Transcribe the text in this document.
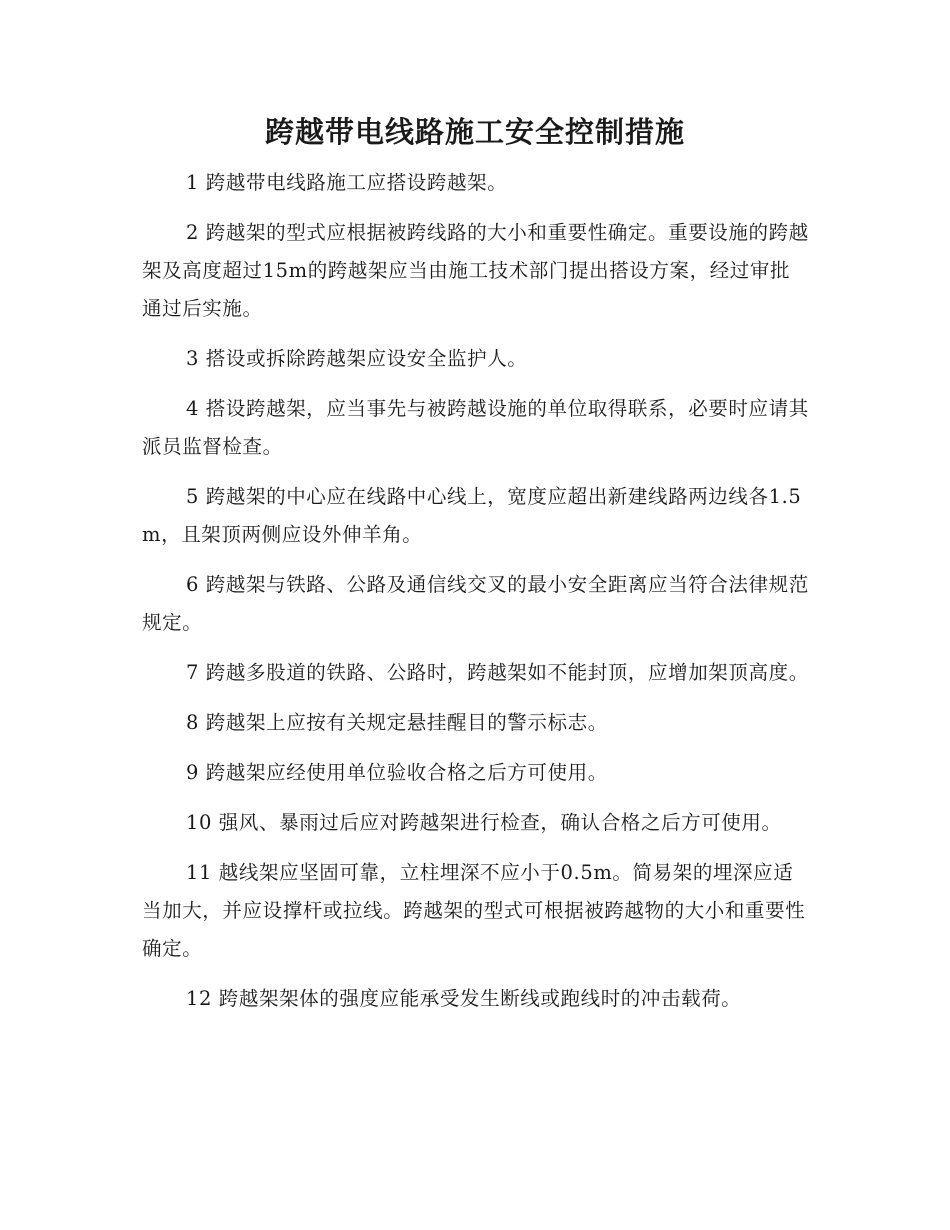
跨越带电线路施工安全控制措施

1 跨越带电线路施工应搭设跨越架。

2 跨越架的型式应根据被跨线路的大小和重要性确定。重要设施的跨越架及高度超过15m的跨越架应当由施工技术部门提出搭设方案，经过审批通过后实施。

3 搭设或拆除跨越架应设安全监护人。

4 搭设跨越架，应当事先与被跨越设施的单位取得联系，必要时应请其派员监督检查。

5 跨越架的中心应在线路中心线上，宽度应超出新建线路两边线各1.5m，且架顶两侧应设外伸羊角。

6 跨越架与铁路、公路及通信线交叉的最小安全距离应当符合法律规范规定。

7 跨越多股道的铁路、公路时，跨越架如不能封顶，应增加架顶高度。

8 跨越架上应按有关规定悬挂醒目的警示标志。

9 跨越架应经使用单位验收合格之后方可使用。

10 强风、暴雨过后应对跨越架进行检查，确认合格之后方可使用。

11 越线架应坚固可靠，立柱埋深不应小于0.5m。简易架的埋深应适当加大，并应设撑杆或拉线。跨越架的型式可根据被跨越物的大小和重要性确定。

12 跨越架架体的强度应能承受发生断线或跑线时的冲击载荷。
